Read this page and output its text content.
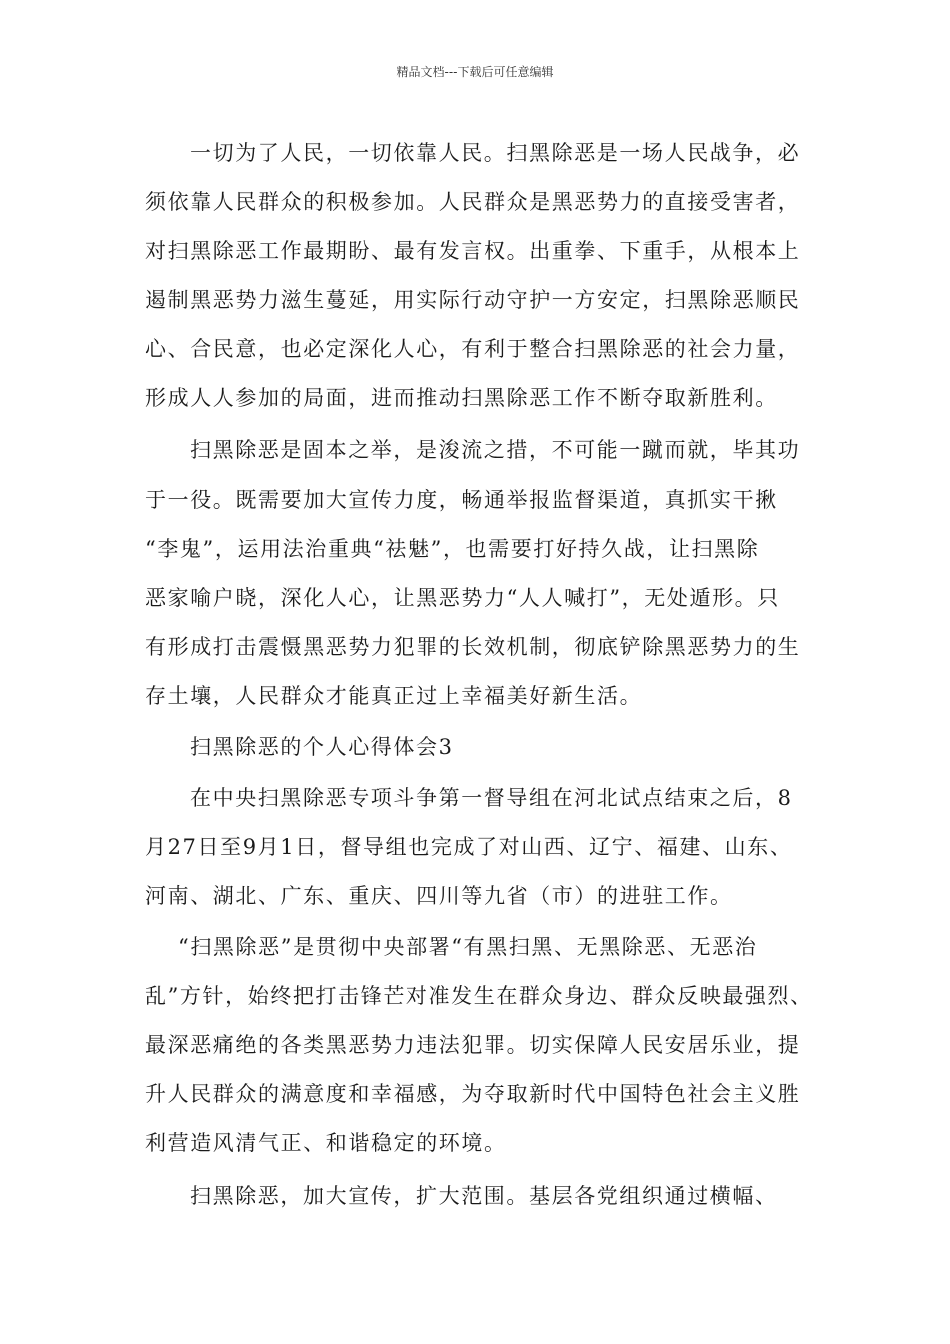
精品文档---下载后可任意编辑
一切为了人民，一切依靠人民。扫黑除恶是一场人民战争，必
须依靠人民群众的积极参加。人民群众是黑恶势力的直接受害者，
对扫黑除恶工作最期盼、最有发言权。出重拳、下重手，从根本上
遏制黑恶势力滋生蔓延，用实际行动守护一方安定，扫黑除恶顺民
心、合民意，也必定深化人心，有利于整合扫黑除恶的社会力量，
形成人人参加的局面，进而推动扫黑除恶工作不断夺取新胜利。
扫黑除恶是固本之举，是浚流之措，不可能一蹴而就，毕其功
于一役。既需要加大宣传力度，畅通举报监督渠道，真抓实干揪
“李鬼”，运用法治重典“祛魅”，也需要打好持久战，让扫黑除
恶家喻户晓，深化人心，让黑恶势力“人人喊打”，无处遁形。只
有形成打击震慑黑恶势力犯罪的长效机制，彻底铲除黑恶势力的生
存土壤，人民群众才能真正过上幸福美好新生活。
扫黑除恶的个人心得体会3
在中央扫黑除恶专项斗争第一督导组在河北试点结束之后，8
月27日至9月1日，督导组也完成了对山西、辽宁、福建、山东、
河南、湖北、广东、重庆、四川等九省（市）的进驻工作。
“扫黑除恶”是贯彻中央部署“有黑扫黑、无黑除恶、无恶治
乱”方针，始终把打击锋芒对准发生在群众身边、群众反映最强烈、
最深恶痛绝的各类黑恶势力违法犯罪。切实保障人民安居乐业，提
升人民群众的满意度和幸福感，为夺取新时代中国特色社会主义胜
利营造风清气正、和谐稳定的环境。
扫黑除恶，加大宣传，扩大范围。基层各党组织通过横幅、
